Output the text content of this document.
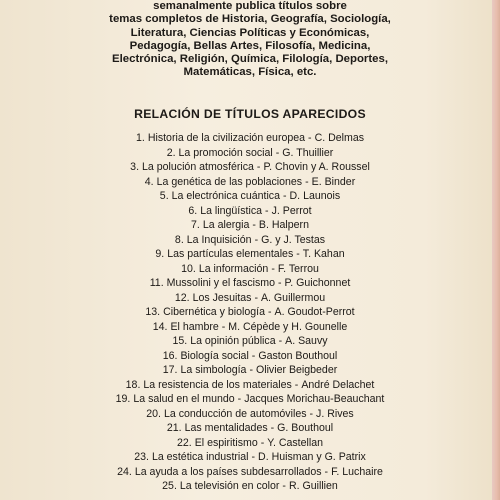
semanalmente publica títulos sobre
temas completos de Historia, Geografía, Sociología,
Literatura, Ciencias Políticas y Económicas,
Pedagogía, Bellas Artes, Filosofía, Medicina,
Electrónica, Religión, Química, Filología, Deportes,
Matemáticas, Física, etc.
RELACIÓN DE TÍTULOS APARECIDOS
1. Historia de la civilización europea - C. Delmas
2. La promoción social - G. Thuillier
3. La polución atmosférica - P. Chovin y A. Roussel
4. La genética de las poblaciones - E. Binder
5. La electrónica cuántica - D. Launois
6. La lingüística - J. Perrot
7. La alergia - B. Halpern
8. La Inquisición - G. y J. Testas
9. Las partículas elementales - T. Kahan
10. La información - F. Terrou
11. Mussolini y el fascismo - P. Guichonnet
12. Los Jesuitas - A. Guillermou
13. Cibernética y biología - A. Goudot-Perrot
14. El hambre - M. Cépède y H. Gounelle
15. La opinión pública - A. Sauvy
16. Biología social - Gaston Bouthoul
17. La simbología - Olivier Beigbeder
18. La resistencia de los materiales - André Delachet
19. La salud en el mundo - Jacques Morichau-Beauchant
20. La conducción de automóviles - J. Rives
21. Las mentalidades - G. Bouthoul
22. El espiritismo - Y. Castellan
23. La estética industrial - D. Huisman y G. Patrix
24. La ayuda a los países subdesarrollados - F. Luchaire
25. La televisión en color - R. Guillien
